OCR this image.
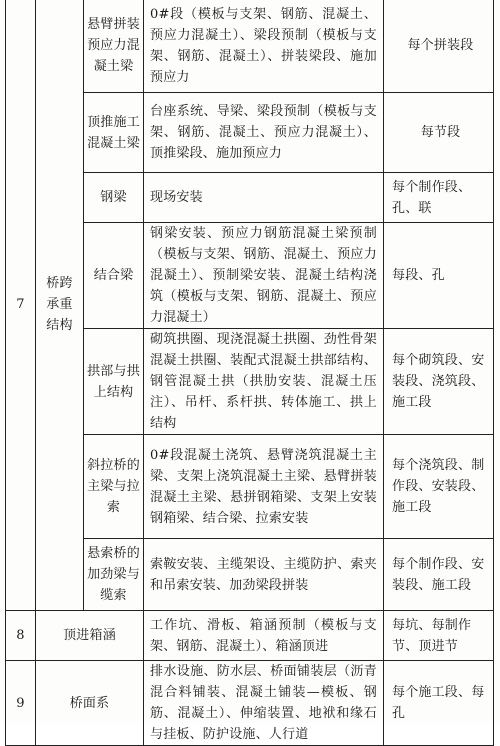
7	桥跨承重结构	悬臂拼装预应力混凝土梁	0#段（模板与支架、钢筋、混凝土、预应力混凝土）、梁段预制（模板与支架、钢筋、混凝土）、拼装梁段、施加预应力	每个拼装段

		顶推施工混凝土梁	台座系统、导梁、梁段预制（模板与支架、钢筋、混凝土、预应力混凝土）、顶推梁段、施加预应力	每节段

		钢梁	现场安装	每个制作段、孔、联

		结合梁	钢梁安装、预应力钢筋混凝土梁预制（模板与支架、钢筋、混凝土、预应力混凝土）、预制梁安装、混凝土结构浇筑（模板与支架、钢筋、混凝土、预应力混凝土）	每段、孔

		拱部与拱上结构	砌筑拱圈、现浇混凝土拱圈、劲性骨架混凝土拱圈、装配式混凝土拱部结构、钢管混凝土拱（拱肋安装、混凝土压注）、吊杆、系杆拱、转体施工、拱上结构	每个砌筑段、安装段、浇筑段、施工段

		斜拉桥的主梁与拉索	0#段混凝土浇筑、悬臂浇筑混凝土主梁、支架上浇筑混凝土主梁、悬臂拼装混凝土主梁、悬拼钢箱梁、支架上安装钢箱梁、结合梁、拉索安装	每个浇筑段、制作段、安装段、施工段

		悬索桥的加劲梁与缆索	索鞍安装、主缆架设、主缆防护、索夹和吊索安装、加劲梁段拼装	每个制作段、安装段、施工段

8	顶进箱涵		工作坑、滑板、箱涵预制（模板与支架、钢筋、混凝土）、箱涵顶进	每坑、每制作节、顶进节

9	桥面系		排水设施、防水层、桥面铺装层（沥青混合料铺装、混凝土铺装—模板、钢筋、混凝土）、伸缩装置、地袱和缘石与挂板、防护设施、人行道	每个施工段、每孔
